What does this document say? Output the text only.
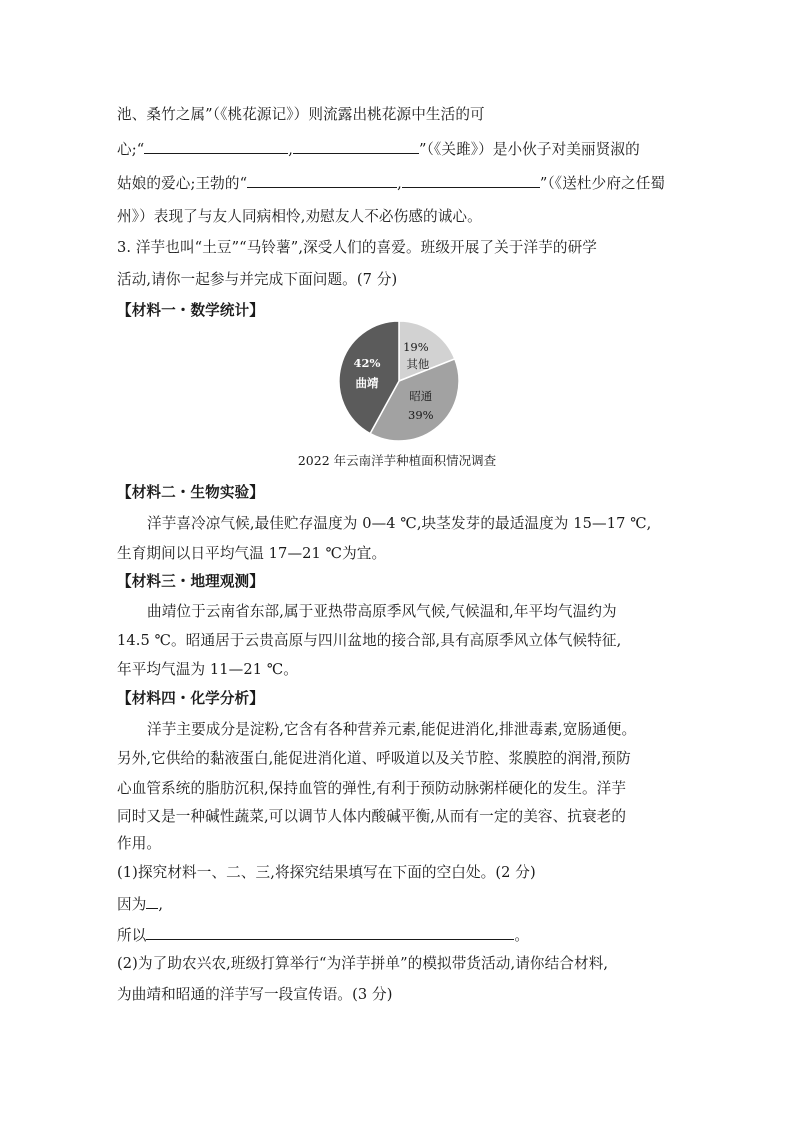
池、桑竹之属”（《桃花源记》）则流露出桃花源中生活的可
心;“	,	”（《关雎》）是小伙子对美丽贤淑的
姑娘的爱心;王勃的“	,	”（《送杜少府之任蜀
州》）表现了与友人同病相怜,劝慰友人不必伤感的诚心。
3. 洋芋也叫“土豆”“马铃薯”,深受人们的喜爱。班级开展了关于洋芋的研学
活动,请你一起参与并完成下面问题。(7 分)
【材料一・数学统计】
19%
其他
昭通
39%
42%
曲靖
2022 年云南洋芋种植面积情况调查
【材料二・生物实验】
洋芋喜冷凉气候,最佳贮存温度为 0—4 ℃,块茎发芽的最适温度为 15—17 ℃,
生育期间以日平均气温 17—21 ℃为宜。
【材料三・地理观测】
曲靖位于云南省东部,属于亚热带高原季风气候,气候温和,年平均气温约为
14.5 ℃。昭通居于云贵高原与四川盆地的接合部,具有高原季风立体气候特征,
年平均气温为 11—21 ℃。
【材料四・化学分析】
洋芋主要成分是淀粉,它含有各种营养元素,能促进消化,排泄毒素,宽肠通便。
另外,它供给的黏液蛋白,能促进消化道、呼吸道以及关节腔、浆膜腔的润滑,预防
心血管系统的脂肪沉积,保持血管的弹性,有利于预防动脉粥样硬化的发生。洋芋
同时又是一种碱性蔬菜,可以调节人体内酸碱平衡,从而有一定的美容、抗衰老的
作用。
(1)探究材料一、二、三,将探究结果填写在下面的空白处。(2 分)
因为 ,
所以	。
(2)为了助农兴农,班级打算举行“为洋芋拼单”的模拟带货活动,请你结合材料,
为曲靖和昭通的洋芋写一段宣传语。(3 分)
